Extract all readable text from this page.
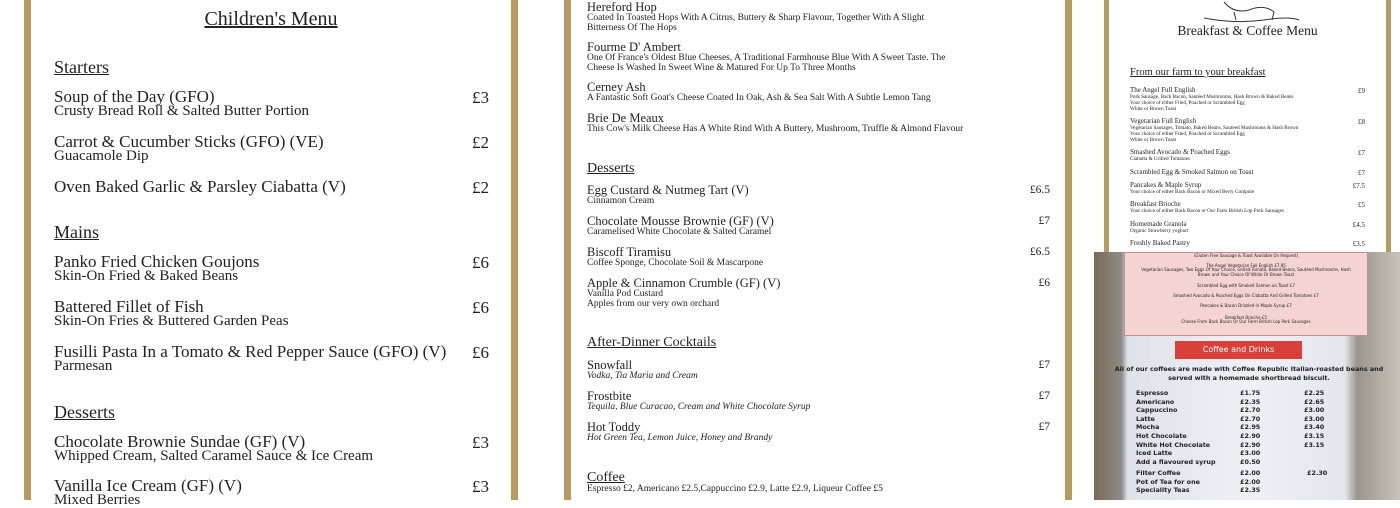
Children's Menu
Starters
Soup of the Day (GFO)
Crusty Bread Roll & Salted Butter Portion
£3
Carrot & Cucumber Sticks (GFO) (VE)
Guacamole Dip
£2
Oven Baked Garlic & Parsley Ciabatta (V)	£2
Mains
Panko Fried Chicken Goujons
Skin-On Fried & Baked Beans
£6
Battered Fillet of Fish
Skin-On Fries & Buttered Garden Peas
£6
Fusilli Pasta In a Tomato & Red Pepper Sauce (GFO) (V)
Parmesan
£6
Desserts
Chocolate Brownie Sundae (GF) (V)
Whipped Cream, Salted Caramel Sauce & Ice Cream
£3
Vanilla Ice Cream (GF) (V)
Mixed Berries
£3
Hereford Hop
Coated In Toasted Hops With A Citrus, Buttery & Sharp Flavour, Together With A Slight
Bitterness Of The Hops
Fourme D' Ambert
One Of France's Oldest Blue Cheeses, A Traditional Farmhouse Blue With A Sweet Taste. The
Cheese Is Washed In Sweet Wine & Matured For Up To Three Months
Cerney Ash
A Fantastic Soft Goat's Cheese Coated In Oak, Ash & Sea Salt With A Subtle Lemon Tang
Brie De Meaux
This Cow's Milk Cheese Has A White Rind With A Buttery, Mushroom, Truffle & Almond Flavour
Desserts
Egg Custard & Nutmeg Tart (V)
Cinnamon Cream
£6.5
Chocolate Mousse Brownie (GF) (V)
Caramelised White Chocolate & Salted Caramel
£7
Biscoff Tiramisu
Coffee Sponge, Chocolate Soil & Mascarpone
£6.5
Apple & Cinnamon Crumble (GF) (V)
Vanilla Pod Custard
Apples from our very own orchard
£6
After-Dinner Cocktails
Snowfall
Vodka, Tia Maria and Cream
£7
Frostbite
Tequila, Blue Curacao, Cream and White Chocolate Syrup
£7
Hot Toddy
Hot Green Tea, Lemon Juice, Honey and Brandy
£7
Coffee
Espresso £2, Americano £2.5,Cappuccino £2.9, Latte £2.9, Liqueur Coffee £5
Breakfast & Coffee Menu
From our farm to your breakfast
The Angel Full English
Pork Sausage, Back Bacon, Sautéed Mushrooms, Hash Brown & Baked Beans
Your choice of either Fried, Poached or Scrambled Egg
White or Brown Toast
£9
Vegetarian Full English
Vegetarian Sausages, Tomato, Baked Beans, Sauteed Mushrooms & Hash Brown
Your choice of either Fried, Poached or Scrambled Egg
White or Brown Toast
£8
Smashed Avocado & Poached Eggs
Ciabatta & Grilled Tomatoes
£7
Scrambled Egg & Smoked Salmon on Toast	£7
Pancakes & Maple Syrup
Your choice of either Back Bacon or Mixed Berry Compote
£7.5
Breakfast Brioche
Your choice of either Back Bacon or Our Farm British Lop Pork Sausages
£5
Homemade Granola
Organic Strawberry yoghurt
£4.5
Freshly Baked Pastry	£3.5
Coffee and Drinks
(Gluten Free Sausage & Toast Available On Request)
The Angel Vegetarian Full English £7.95
Vegetarian Sausages, Two Eggs Of Your Choice, Grilled Tomato, Baked Beans, Sautéed Mushrooms, Hash
Brown and Your Choice Of White Or Brown Toast
Scrambled Egg with Smoked Salmon on Toast £7
Smashed Avocado & Poached Eggs On Ciabatta And Grilled Tomatoes £7
Pancakes & Bacon Drizzled In Maple Syrup £7
Breakfast Brioche £5
Choose From Back Bacon Or Our Farm British Lop Pork Sausages
All of our coffees are made with Coffee Republic Italian-roasted beans and
served with a homemade shortbread biscuit.
Espresso	£1.75	£2.25
Americano	£2.35	£2.65
Cappuccino	£2.70	£3.00
Latte	£2.70	£3.00
Mocha	£2.95	£3.40
Hot Chocolate	£2.90	£3.15
White Hot Chocolate	£2.90	£3.15
Iced Latte	£3.00
Add a flavoured syrup	£0.50
Filter Coffee	£2.00	£2.30
Pot of Tea for one	£2.00
Speciality Teas	£2.35
